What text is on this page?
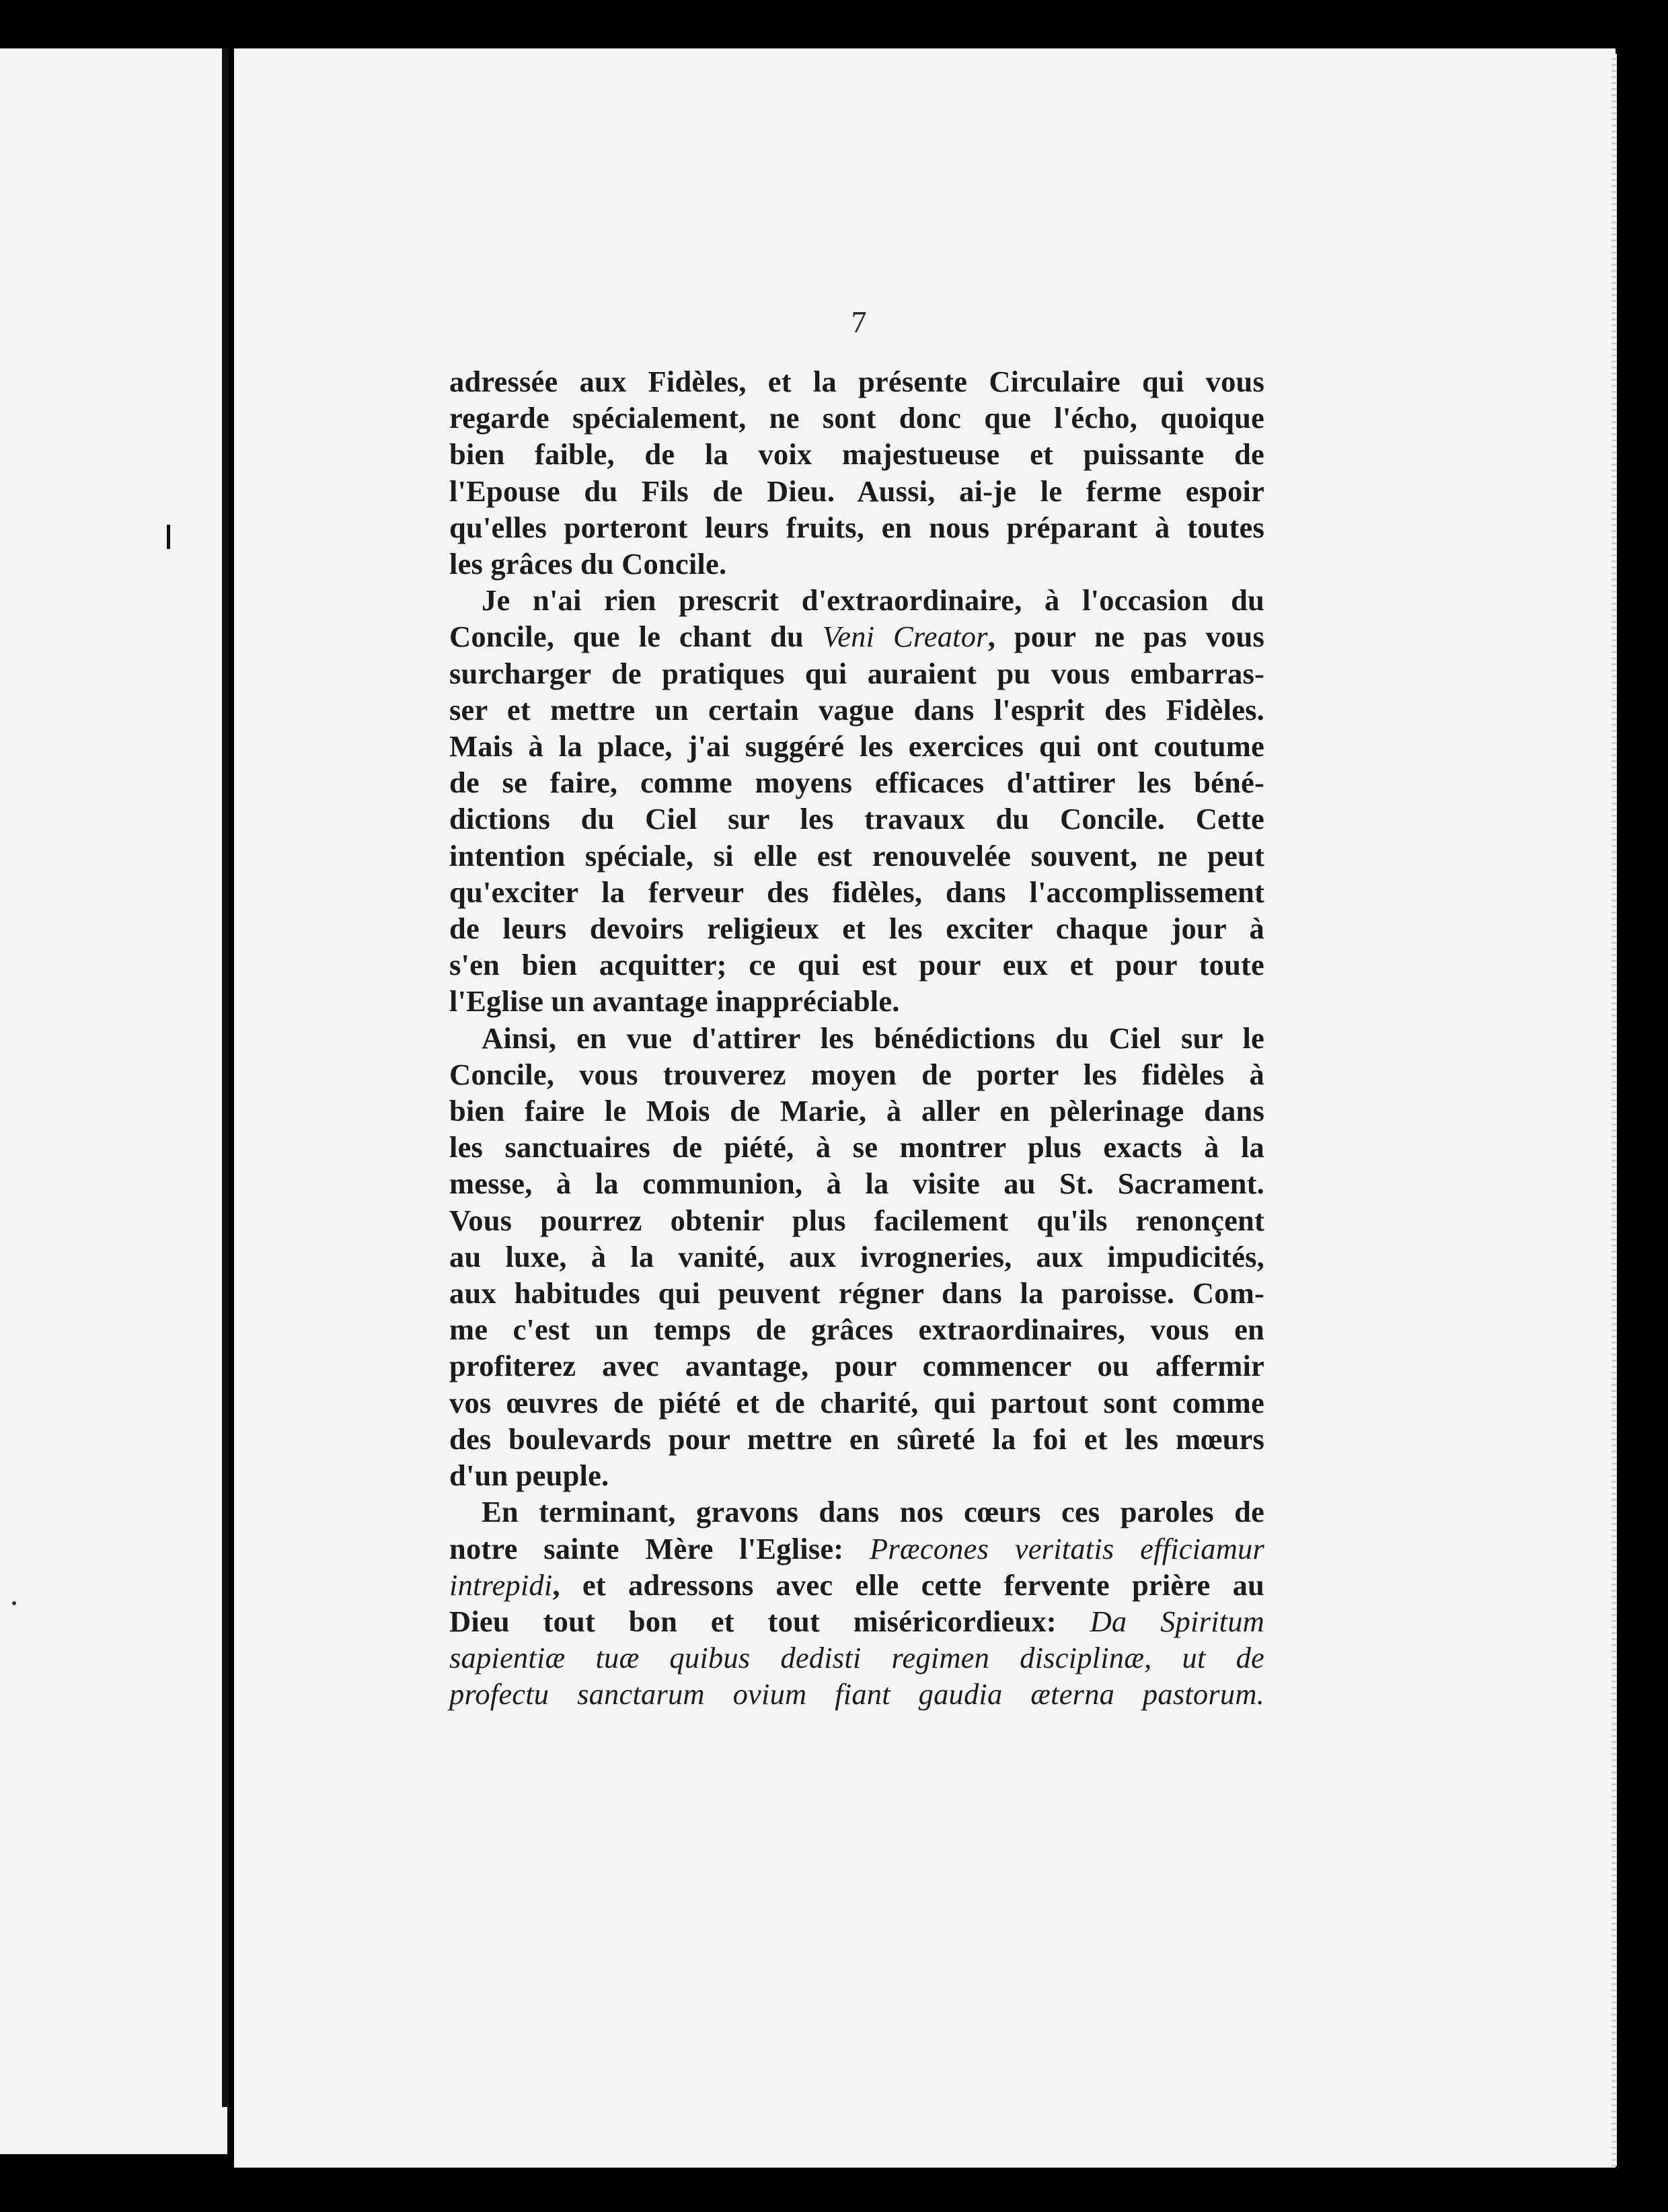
7

adressée aux Fidèles, et la présente Circulaire qui vous
regarde spécialement, ne sont donc que l'écho, quoique
bien faible, de la voix majestueuse et puissante de
l'Epouse du Fils de Dieu. Aussi, ai-je le ferme espoir
qu'elles porteront leurs fruits, en nous préparant à toutes
les grâces du Concile.

Je n'ai rien prescrit d'extraordinaire, à l'occasion du
Concile, que le chant du Veni Creator, pour ne pas vous
surcharger de pratiques qui auraient pu vous embarras-
ser et mettre un certain vague dans l'esprit des Fidèles.
Mais à la place, j'ai suggéré les exercices qui ont coutume
de se faire, comme moyens efficaces d'attirer les béné-
dictions du Ciel sur les travaux du Concile. Cette
intention spéciale, si elle est renouvelée souvent, ne peut
qu'exciter la ferveur des fidèles, dans l'accomplissement
de leurs devoirs religieux et les exciter chaque jour à
s'en bien acquitter; ce qui est pour eux et pour toute
l'Eglise un avantage inappréciable.

Ainsi, en vue d'attirer les bénédictions du Ciel sur le
Concile, vous trouverez moyen de porter les fidèles à
bien faire le Mois de Marie, à aller en pèlerinage dans
les sanctuaires de piété, à se montrer plus exacts à la
messe, à la communion, à la visite au St. Sacrament.
Vous pourrez obtenir plus facilement qu'ils renonçent
au luxe, à la vanité, aux ivrogneries, aux impudicités,
aux habitudes qui peuvent régner dans la paroisse. Com-
me c'est un temps de grâces extraordinaires, vous en
profiterez avec avantage, pour commencer ou affermir
vos œuvres de piété et de charité, qui partout sont comme
des boulevards pour mettre en sûreté la foi et les mœurs
d'un peuple.

En terminant, gravons dans nos cœurs ces paroles de
notre sainte Mère l'Eglise: Præcones veritatis efficiamur
intrepidi, et adressons avec elle cette fervente prière au
Dieu tout bon et tout miséricordieux: Da Spiritum
sapientiæ tuæ quibus dedisti regimen disciplinæ, ut de
profectu sanctarum ovium fiant gaudia æterna pastorum.
